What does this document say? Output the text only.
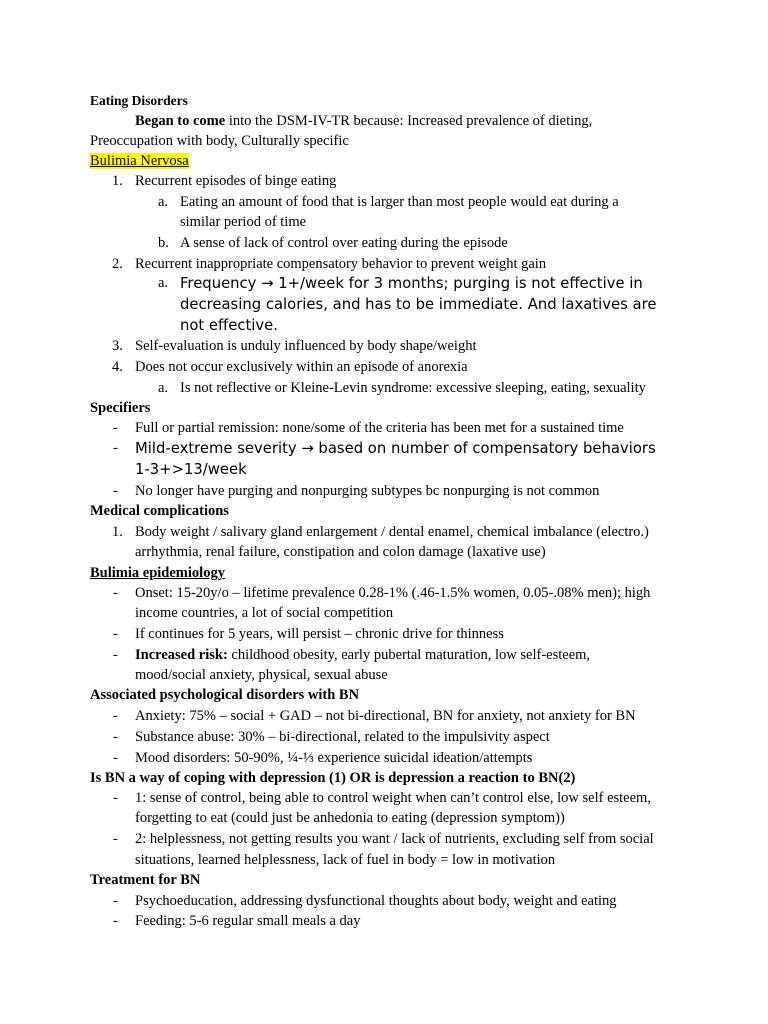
Eating Disorders
Began to come into the DSM-IV-TR because: Increased prevalence of dieting,
Preoccupation with body, Culturally specific
Bulimia Nervosa
1. Recurrent episodes of binge eating
a. Eating an amount of food that is larger than most people would eat during a
similar period of time
b. A sense of lack of control over eating during the episode
2. Recurrent inappropriate compensatory behavior to prevent weight gain
a. Frequency → 1+/week for 3 months; purging is not effective in
decreasing calories, and has to be immediate. And laxatives are
not effective.
3. Self-evaluation is unduly influenced by body shape/weight
4. Does not occur exclusively within an episode of anorexia
a. Is not reflective or Kleine-Levin syndrome: excessive sleeping, eating, sexuality
Specifiers
- Full or partial remission: none/some of the criteria has been met for a sustained time
- Mild-extreme severity → based on number of compensatory behaviors
1-3+>13/week
- No longer have purging and nonpurging subtypes bc nonpurging is not common
Medical complications
1. Body weight / salivary gland enlargement / dental enamel, chemical imbalance (electro.)
arrhythmia, renal failure, constipation and colon damage (laxative use)
Bulimia epidemiology
- Onset: 15-20y/o – lifetime prevalence 0.28-1% (.46-1.5% women, 0.05-.08% men); high
income countries, a lot of social competition
- If continues for 5 years, will persist – chronic drive for thinness
- Increased risk: childhood obesity, early pubertal maturation, low self-esteem,
mood/social anxiety, physical, sexual abuse
Associated psychological disorders with BN
- Anxiety: 75% – social + GAD – not bi-directional, BN for anxiety, not anxiety for BN
- Substance abuse: 30% – bi-directional, related to the impulsivity aspect
- Mood disorders: 50-90%, ¼-⅓ experience suicidal ideation/attempts
Is BN a way of coping with depression (1) OR is depression a reaction to BN(2)
- 1: sense of control, being able to control weight when can’t control else, low self esteem,
forgetting to eat (could just be anhedonia to eating (depression symptom))
- 2: helplessness, not getting results you want / lack of nutrients, excluding self from social
situations, learned helplessness, lack of fuel in body = low in motivation
Treatment for BN
- Psychoeducation, addressing dysfunctional thoughts about body, weight and eating
- Feeding: 5-6 regular small meals a day
